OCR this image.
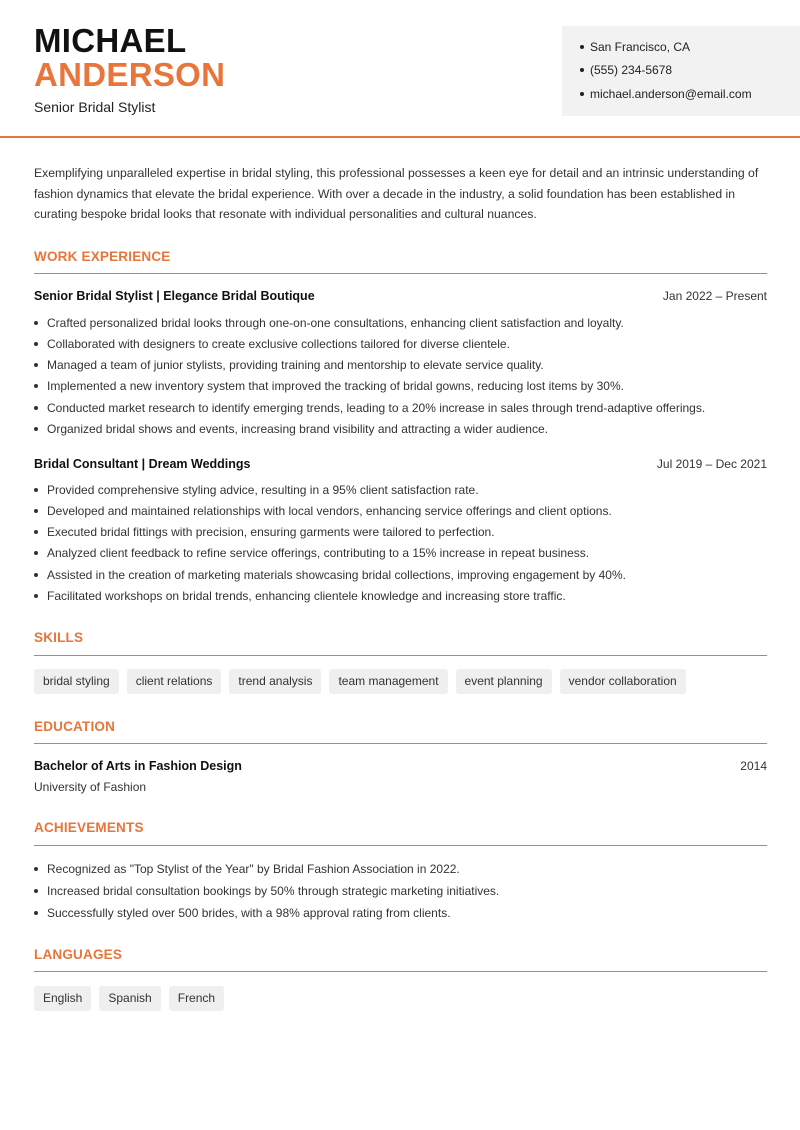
MICHAEL
ANDERSON
Senior Bridal Stylist
San Francisco, CA
(555) 234-5678
michael.anderson@email.com
Exemplifying unparalleled expertise in bridal styling, this professional possesses a keen eye for detail and an intrinsic understanding of fashion dynamics that elevate the bridal experience. With over a decade in the industry, a solid foundation has been established in curating bespoke bridal looks that resonate with individual personalities and cultural nuances.
WORK EXPERIENCE
Senior Bridal Stylist | Elegance Bridal Boutique	Jan 2022 – Present
Crafted personalized bridal looks through one-on-one consultations, enhancing client satisfaction and loyalty.
Collaborated with designers to create exclusive collections tailored for diverse clientele.
Managed a team of junior stylists, providing training and mentorship to elevate service quality.
Implemented a new inventory system that improved the tracking of bridal gowns, reducing lost items by 30%.
Conducted market research to identify emerging trends, leading to a 20% increase in sales through trend-adaptive offerings.
Organized bridal shows and events, increasing brand visibility and attracting a wider audience.
Bridal Consultant | Dream Weddings	Jul 2019 – Dec 2021
Provided comprehensive styling advice, resulting in a 95% client satisfaction rate.
Developed and maintained relationships with local vendors, enhancing service offerings and client options.
Executed bridal fittings with precision, ensuring garments were tailored to perfection.
Analyzed client feedback to refine service offerings, contributing to a 15% increase in repeat business.
Assisted in the creation of marketing materials showcasing bridal collections, improving engagement by 40%.
Facilitated workshops on bridal trends, enhancing clientele knowledge and increasing store traffic.
SKILLS
bridal styling	client relations	trend analysis	team management	event planning	vendor collaboration
EDUCATION
Bachelor of Arts in Fashion Design	2014
University of Fashion
ACHIEVEMENTS
Recognized as "Top Stylist of the Year" by Bridal Fashion Association in 2022.
Increased bridal consultation bookings by 50% through strategic marketing initiatives.
Successfully styled over 500 brides, with a 98% approval rating from clients.
LANGUAGES
English	Spanish	French
